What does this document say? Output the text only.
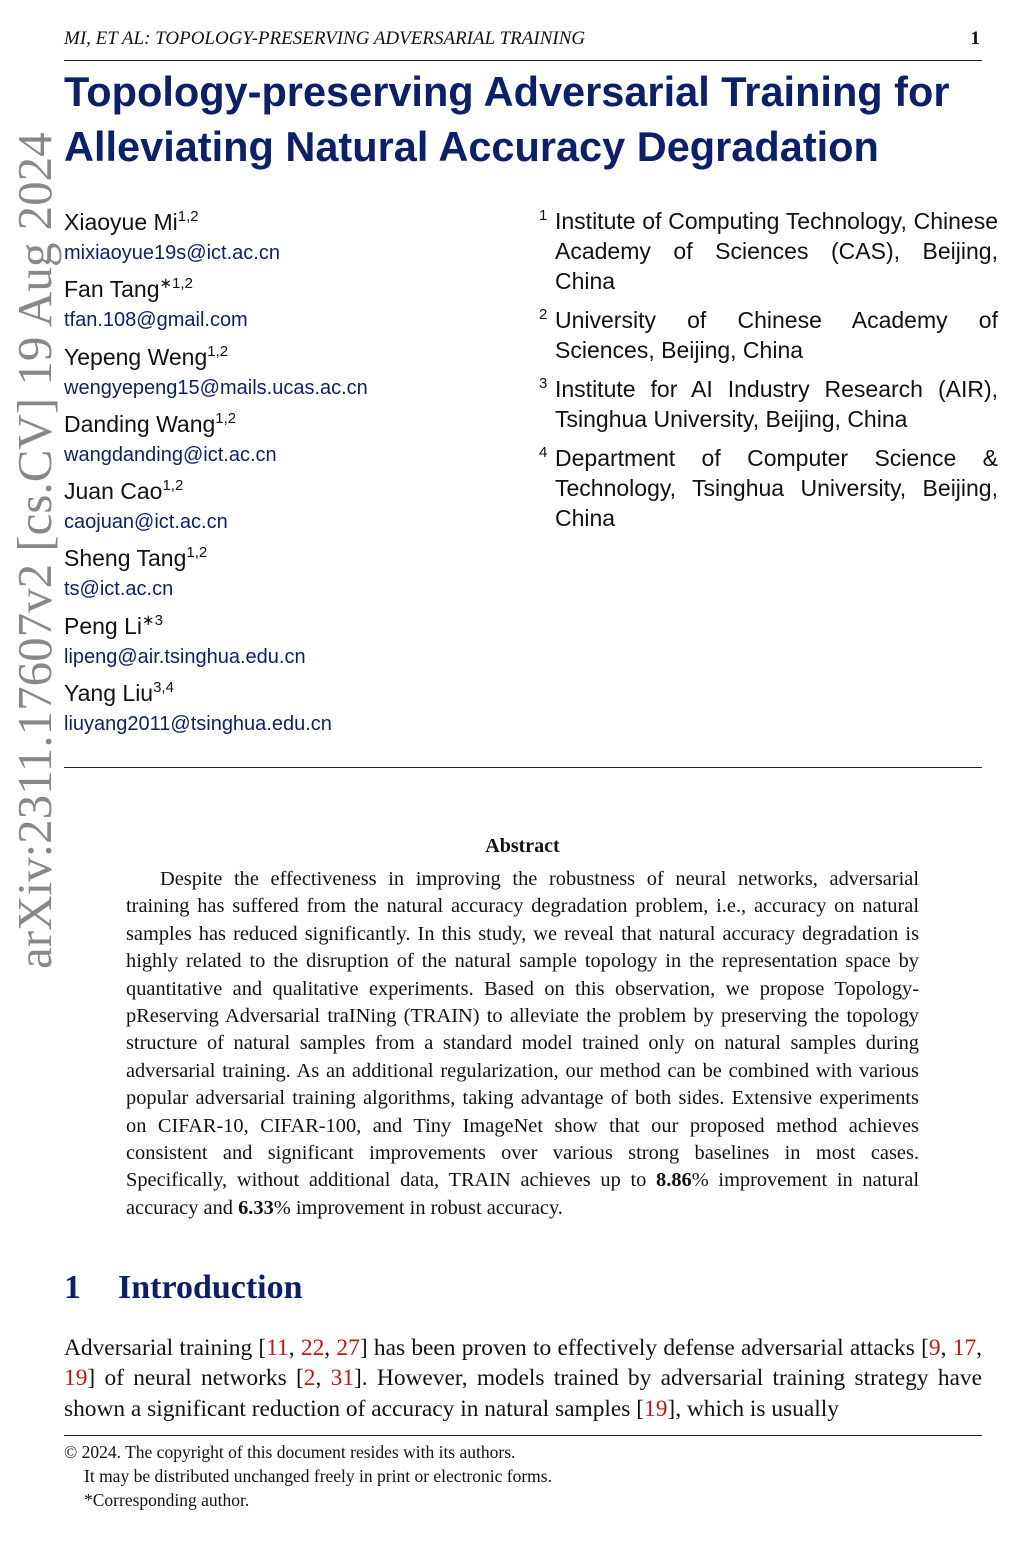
MI, ET AL: TOPOLOGY-PRESERVING ADVERSARIAL TRAINING	1
Topology-preserving Adversarial Training for
Alleviating Natural Accuracy Degradation
Xiaoyue Mi$^{1,2}$
mixiaoyue19s@ict.ac.cn
Fan Tang$^{∗1,2}$
tfan.108@gmail.com
Yepeng Weng$^{1,2}$
wengyepeng15@mails.ucas.ac.cn
Danding Wang$^{1,2}$
wangdanding@ict.ac.cn
Juan Cao$^{1,2}$
caojuan@ict.ac.cn
Sheng Tang$^{1,2}$
ts@ict.ac.cn
Peng $Li^{∗3}$
lipeng@air.tsinghua.edu.cn
Yang Liu$^{3,4}$
liuyang2011@tsinghua.edu.cn
1 Institute of Computing Technology, Chinese Academy of Sciences (CAS), Beijing, China
2 University of Chinese Academy of Sciences, Beijing, China
3 Institute for AI Industry Research (AIR), Tsinghua University, Beijing, China
4 Department of Computer Science & Technology, Tsinghua University, Beijing, China
Abstract
Despite the effectiveness in improving the robustness of neural networks, adversarial training has suffered from the natural accuracy degradation problem, i.e., accuracy on natural samples has reduced significantly. In this study, we reveal that natural accuracy degradation is highly related to the disruption of the natural sample topology in the representation space by quantitative and qualitative experiments. Based on this observation, we propose Topology-pReserving Adversarial traINing (TRAIN) to alleviate the problem by preserving the topology structure of natural samples from a standard model trained only on natural samples during adversarial training. As an additional regularization, our method can be combined with various popular adversarial training algorithms, taking advantage of both sides. Extensive experiments on CIFAR-10, CIFAR-100, and Tiny ImageNet show that our proposed method achieves consistent and significant improvements over various strong baselines in most cases. Specifically, without additional data, TRAIN achieves up to 8.86% improvement in natural accuracy and 6.33% improvement in robust accuracy.
1 Introduction

Adversarial training [11, 22, 27] has been proven to effectively defense adversarial attacks [9, 17, 19] of neural networks [2, 31]. However, models trained by adversarial training strategy have shown a significant reduction of accuracy in natural samples [19], which is usually

© 2024. The copyright of this document resides with its authors.
It may be distributed unchanged freely in print or electronic forms.
*Corresponding author.
arXiv:2311.17607v2 [cs.CV] 19 Aug 2024
